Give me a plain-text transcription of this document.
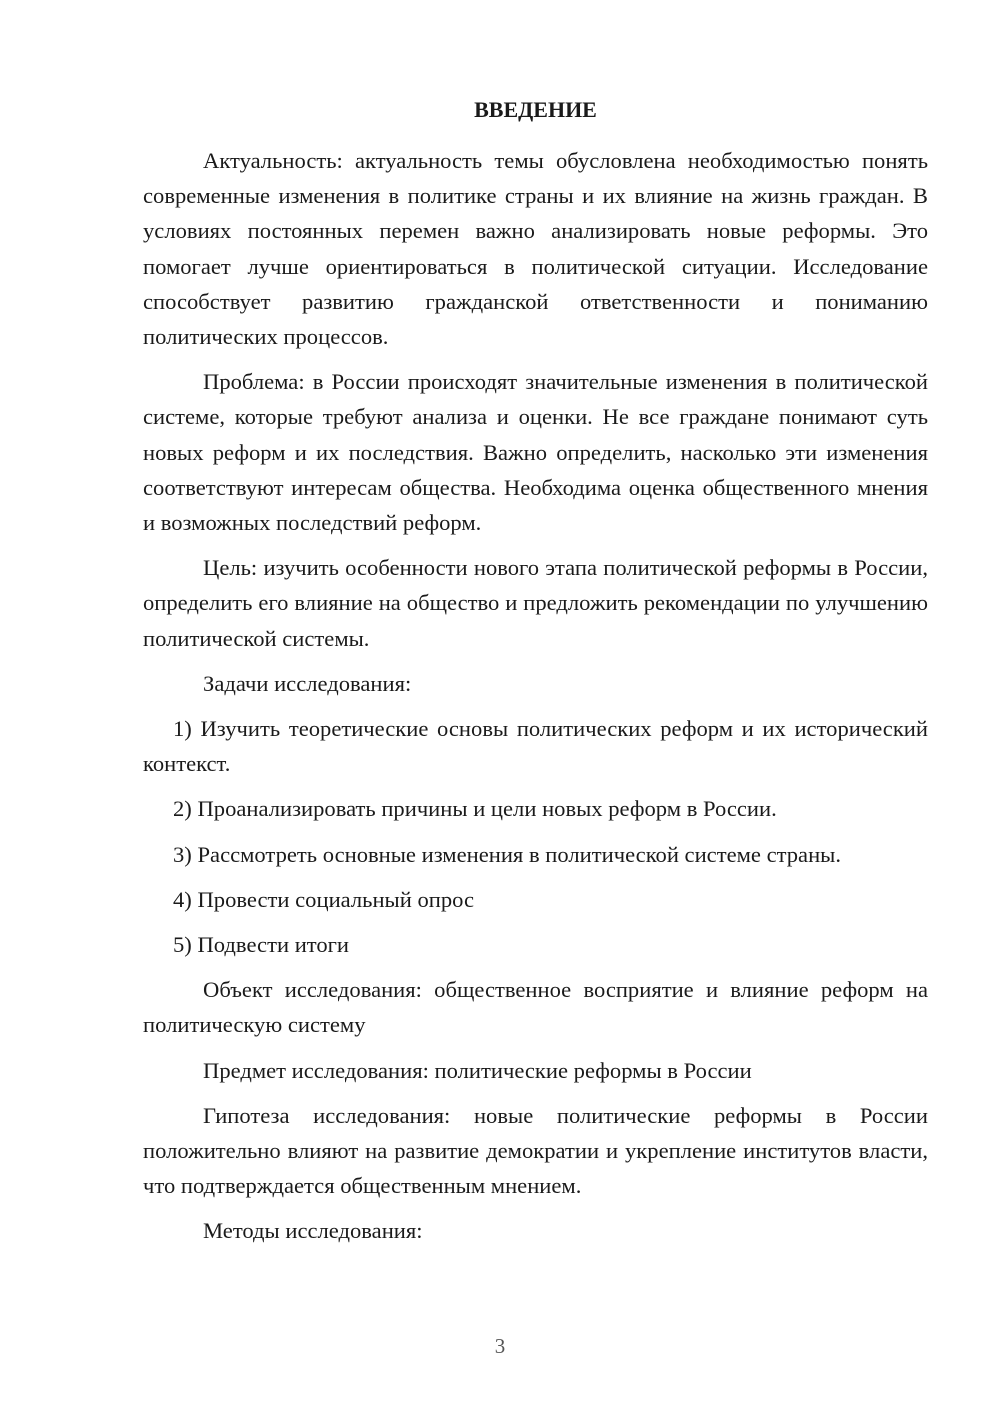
ВВЕДЕНИЕ

Актуальность: актуальность темы обусловлена необходимостью понять современные изменения в политике страны и их влияние на жизнь граждан. В условиях постоянных перемен важно анализировать новые реформы. Это помогает лучше ориентироваться в политической ситуации. Исследование способствует развитию гражданской ответственности и пониманию политических процессов.

Проблема: в России происходят значительные изменения в политической системе, которые требуют анализа и оценки. Не все граждане понимают суть новых реформ и их последствия. Важно определить, насколько эти изменения соответствуют интересам общества. Необходима оценка общественного мнения и возможных последствий реформ.

Цель: изучить особенности нового этапа политической реформы в России, определить его влияние на общество и предложить рекомендации по улучшению политической системы.

Задачи исследования:

1) Изучить теоретические основы политических реформ и их исторический контекст.

2) Проанализировать причины и цели новых реформ в России.

3) Рассмотреть основные изменения в политической системе страны.

4) Провести социальный опрос

5) Подвести итоги

Объект исследования: общественное восприятие и влияние реформ на политическую систему

Предмет исследования: политические реформы в России

Гипотеза исследования: новые политические реформы в России положительно влияют на развитие демократии и укрепление институтов власти, что подтверждается общественным мнением.

Методы исследования:

3
